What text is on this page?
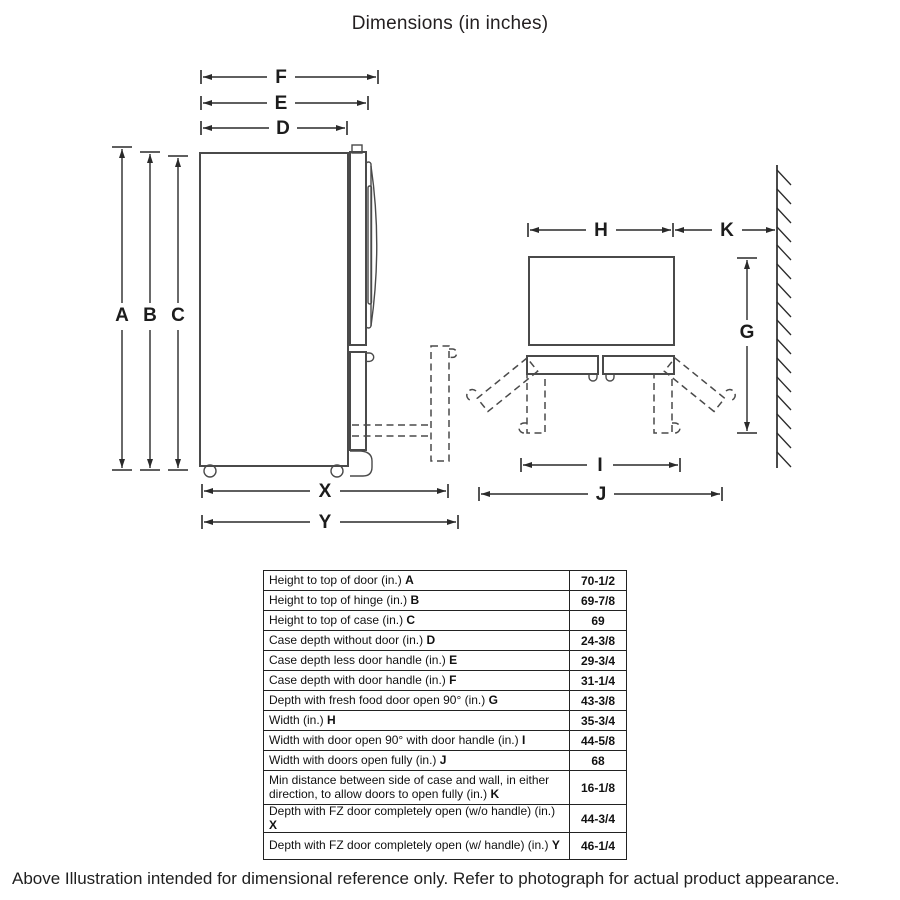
Dimensions (in inches)
F
E
D
A B C
X
Y
H	K
G
I
J
Height to top of door (in.) A	70-1/2
Height to top of hinge (in.) B	69-7/8
Height to top of case (in.) C	69
Case depth without door (in.) D	24-3/8
Case depth less door handle (in.) E	29-3/4
Case depth with door handle (in.) F	31-1/4
Depth with fresh food door open 90° (in.) G	43-3/8
Width (in.) H	35-3/4
Width with door open 90° with door handle (in.) I	44-5/8
Width with doors open fully (in.) J	68
Min distance between side of case and wall, in either direction, to allow doors to open fully (in.) K	16-1/8
Depth with FZ door completely open (w/o handle) (in.) X	44-3/4
Depth with FZ door completely open (w/ handle) (in.) Y	46-1/4
Above Illustration intended for dimensional reference only. Refer to photograph for actual product appearance.
